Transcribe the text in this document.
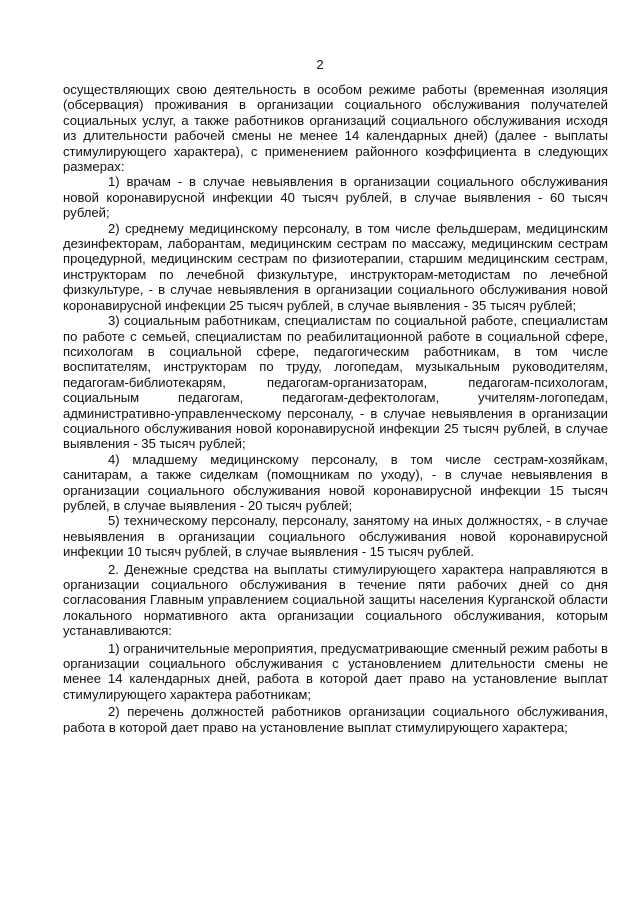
2

осуществляющих свою деятельность в особом режиме работы (временная изоляция (обсервация) проживания в организации социального обслуживания получателей социальных услуг, а также работников организаций социального обслуживания исходя из длительности рабочей смены не менее 14 календарных дней) (далее - выплаты стимулирующего характера), с применением районного коэффициента в следующих размерах:

1) врачам - в случае невыявления в организации социального обслуживания новой коронавирусной инфекции 40 тысяч рублей, в случае выявления - 60 тысяч рублей;

2) среднему медицинскому персоналу, в том числе фельдшерам, медицинским дезинфекторам, лаборантам, медицинским сестрам по массажу, медицинским сестрам процедурной, медицинским сестрам по физиотерапии, старшим медицинским сестрам, инструкторам по лечебной физкультуре, инструкторам-методистам по лечебной физкультуре, - в случае невыявления в организации социального обслуживания новой коронавирусной инфекции 25 тысяч рублей, в случае выявления - 35 тысяч рублей;

3) социальным работникам, специалистам по социальной работе, специалистам по работе с семьей, специалистам по реабилитационной работе в социальной сфере, психологам в социальной сфере, педагогическим работникам, в том числе воспитателям, инструкторам по труду, логопедам, музыкальным руководителям, педагогам-библиотекарям, педагогам-организаторам, педагогам-психологам, социальным педагогам, педагогам-дефектологам, учителям-логопедам, административно-управленческому персоналу, - в случае невыявления в организации социального обслуживания новой коронавирусной инфекции 25 тысяч рублей, в случае выявления - 35 тысяч рублей;

4) младшему медицинскому персоналу, в том числе сестрам-хозяйкам, санитарам, а также сиделкам (помощникам по уходу), - в случае невыявления в организации социального обслуживания новой коронавирусной инфекции 15 тысяч рублей, в случае выявления - 20 тысяч рублей;

5) техническому персоналу, персоналу, занятому на иных должностях, - в случае невыявления в организации социального обслуживания новой коронавирусной инфекции 10 тысяч рублей, в случае выявления - 15 тысяч рублей.

2. Денежные средства на выплаты стимулирующего характера направляются в организации социального обслуживания в течение пяти рабочих дней со дня согласования Главным управлением социальной защиты населения Курганской области локального нормативного акта организации социального обслуживания, которым устанавливаются:

1) ограничительные мероприятия, предусматривающие сменный режим работы в организации социального обслуживания с установлением длительности смены не менее 14 календарных дней, работа в которой дает право на установление выплат стимулирующего характера работникам;

2) перечень должностей работников организации социального обслуживания, работа в которой дает право на установление выплат стимулирующего характера;
